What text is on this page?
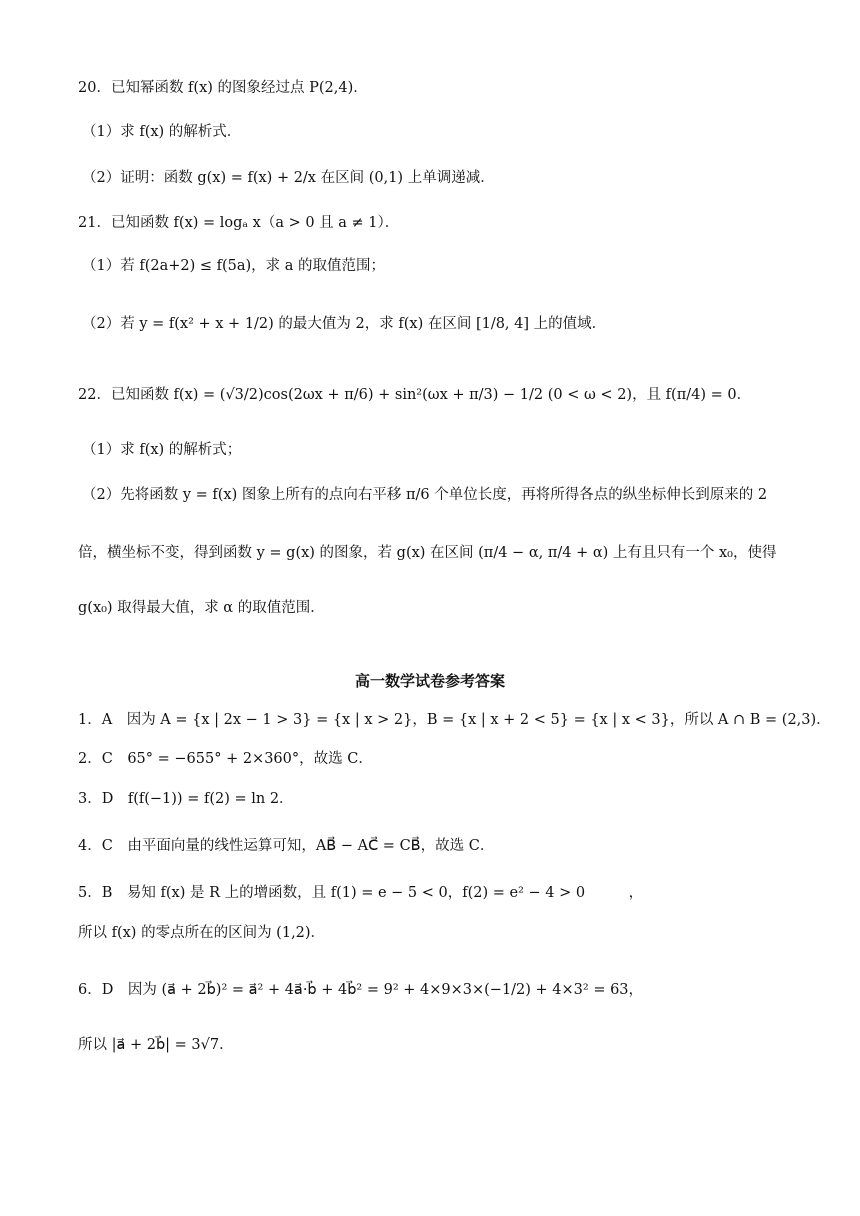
20．已知幂函数 f(x) 的图象经过点 P(2,4)．
（1）求 f(x) 的解析式．
（2）证明：函数 g(x) = f(x) + 2/x 在区间 (0,1) 上单调递减．
21．已知函数 f(x) = logₐ x（a > 0 且 a ≠ 1）．
（1）若 f(2a+2) ≤ f(5a)，求 a 的取值范围；
（2）若 y = f(x² + x + 1/2) 的最大值为 2，求 f(x) 在区间 [1/8, 4] 上的值域．
22．已知函数 f(x) = (√3/2)cos(2ωx + π/6) + sin²(ωx + π/3) − 1/2 (0 < ω < 2)，且 f(π/4) = 0．
（1）求 f(x) 的解析式；
（2）先将函数 y = f(x) 图象上所有的点向右平移 π/6 个单位长度，再将所得各点的纵坐标伸长到原来的 2
倍，横坐标不变，得到函数 y = g(x) 的图象，若 g(x) 在区间 (π/4 − α, π/4 + α) 上有且只有一个 x₀，使得
g(x₀) 取得最大值，求 α 的取值范围．
高一数学试卷参考答案
1．A　因为 A = {x | 2x − 1 > 3} = {x | x > 2}，B = {x | x + 2 < 5} = {x | x < 3}，所以 A ∩ B = (2,3)．
2．C　65° = −655° + 2×360°，故选 C．
3．D　f(f(−1)) = f(2) = ln 2．
4．C　由平面向量的线性运算可知，AB⃗ − AC⃗ = CB⃗，故选 C．
5．B　易知 f(x) 是 R 上的增函数，且 f(1) = e − 5 < 0，f(2) = e² − 4 > 0　　　，
所以 f(x) 的零点所在的区间为 (1,2)．
6．D　因为 (a⃗ + 2b⃗)² = a⃗² + 4a⃗·b⃗ + 4b⃗² = 9² + 4×9×3×(−1/2) + 4×3² = 63，
所以 |a⃗ + 2b⃗| = 3√7．
